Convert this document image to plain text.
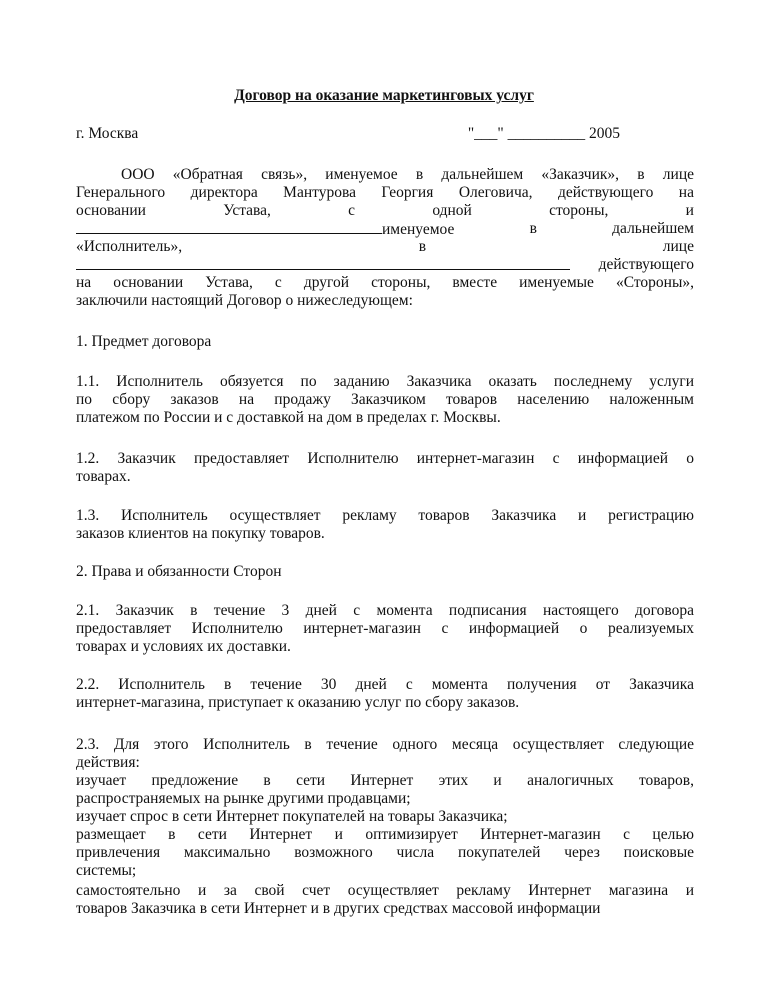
Договор на оказание маркетинговых услуг
г. Москва	"___" __________ 2005
ООО «Обратная связь», именуемое в дальнейшем «Заказчик», в лице
Генерального директора Мантурова Георгия Олеговича, действующего на
основании	Устава,	с	одной	стороны,	и
именуемое	в	дальнейшем
«Исполнитель»,	в	лице
действующего
на основании Устава, с другой стороны, вместе именуемые «Стороны»,
заключили настоящий Договор о нижеследующем:
1. Предмет договора
1.1. Исполнитель обязуется по заданию Заказчика оказать последнему услуги
по сбору заказов на продажу Заказчиком товаров населению наложенным
платежом по России и с доставкой на дом в пределах г. Москвы.
1.2. Заказчик предоставляет Исполнителю интернет-магазин с информацией о
товарах.
1.3. Исполнитель осуществляет рекламу товаров Заказчика и регистрацию
заказов клиентов на покупку товаров.
2. Права и обязанности Сторон
2.1. Заказчик в течение 3 дней с момента подписания настоящего договора
предоставляет Исполнителю интернет-магазин с информацией о реализуемых
товарах и условиях их доставки.
2.2. Исполнитель в течение 30 дней с момента получения от Заказчика
интернет-магазина, приступает к оказанию услуг по сбору заказов.
2.3. Для этого Исполнитель в течение одного месяца осуществляет следующие
действия:
изучает предложение в сети Интернет этих и аналогичных товаров,
распространяемых на рынке другими продавцами;
изучает спрос в сети Интернет покупателей на товары Заказчика;
размещает в сети Интернет и оптимизирует Интернет-магазин с целью
привлечения максимально возможного числа покупателей через поисковые
системы;
самостоятельно и за свой счет осуществляет рекламу Интернет магазина и
товаров Заказчика в сети Интернет и в других средствах массовой информации
